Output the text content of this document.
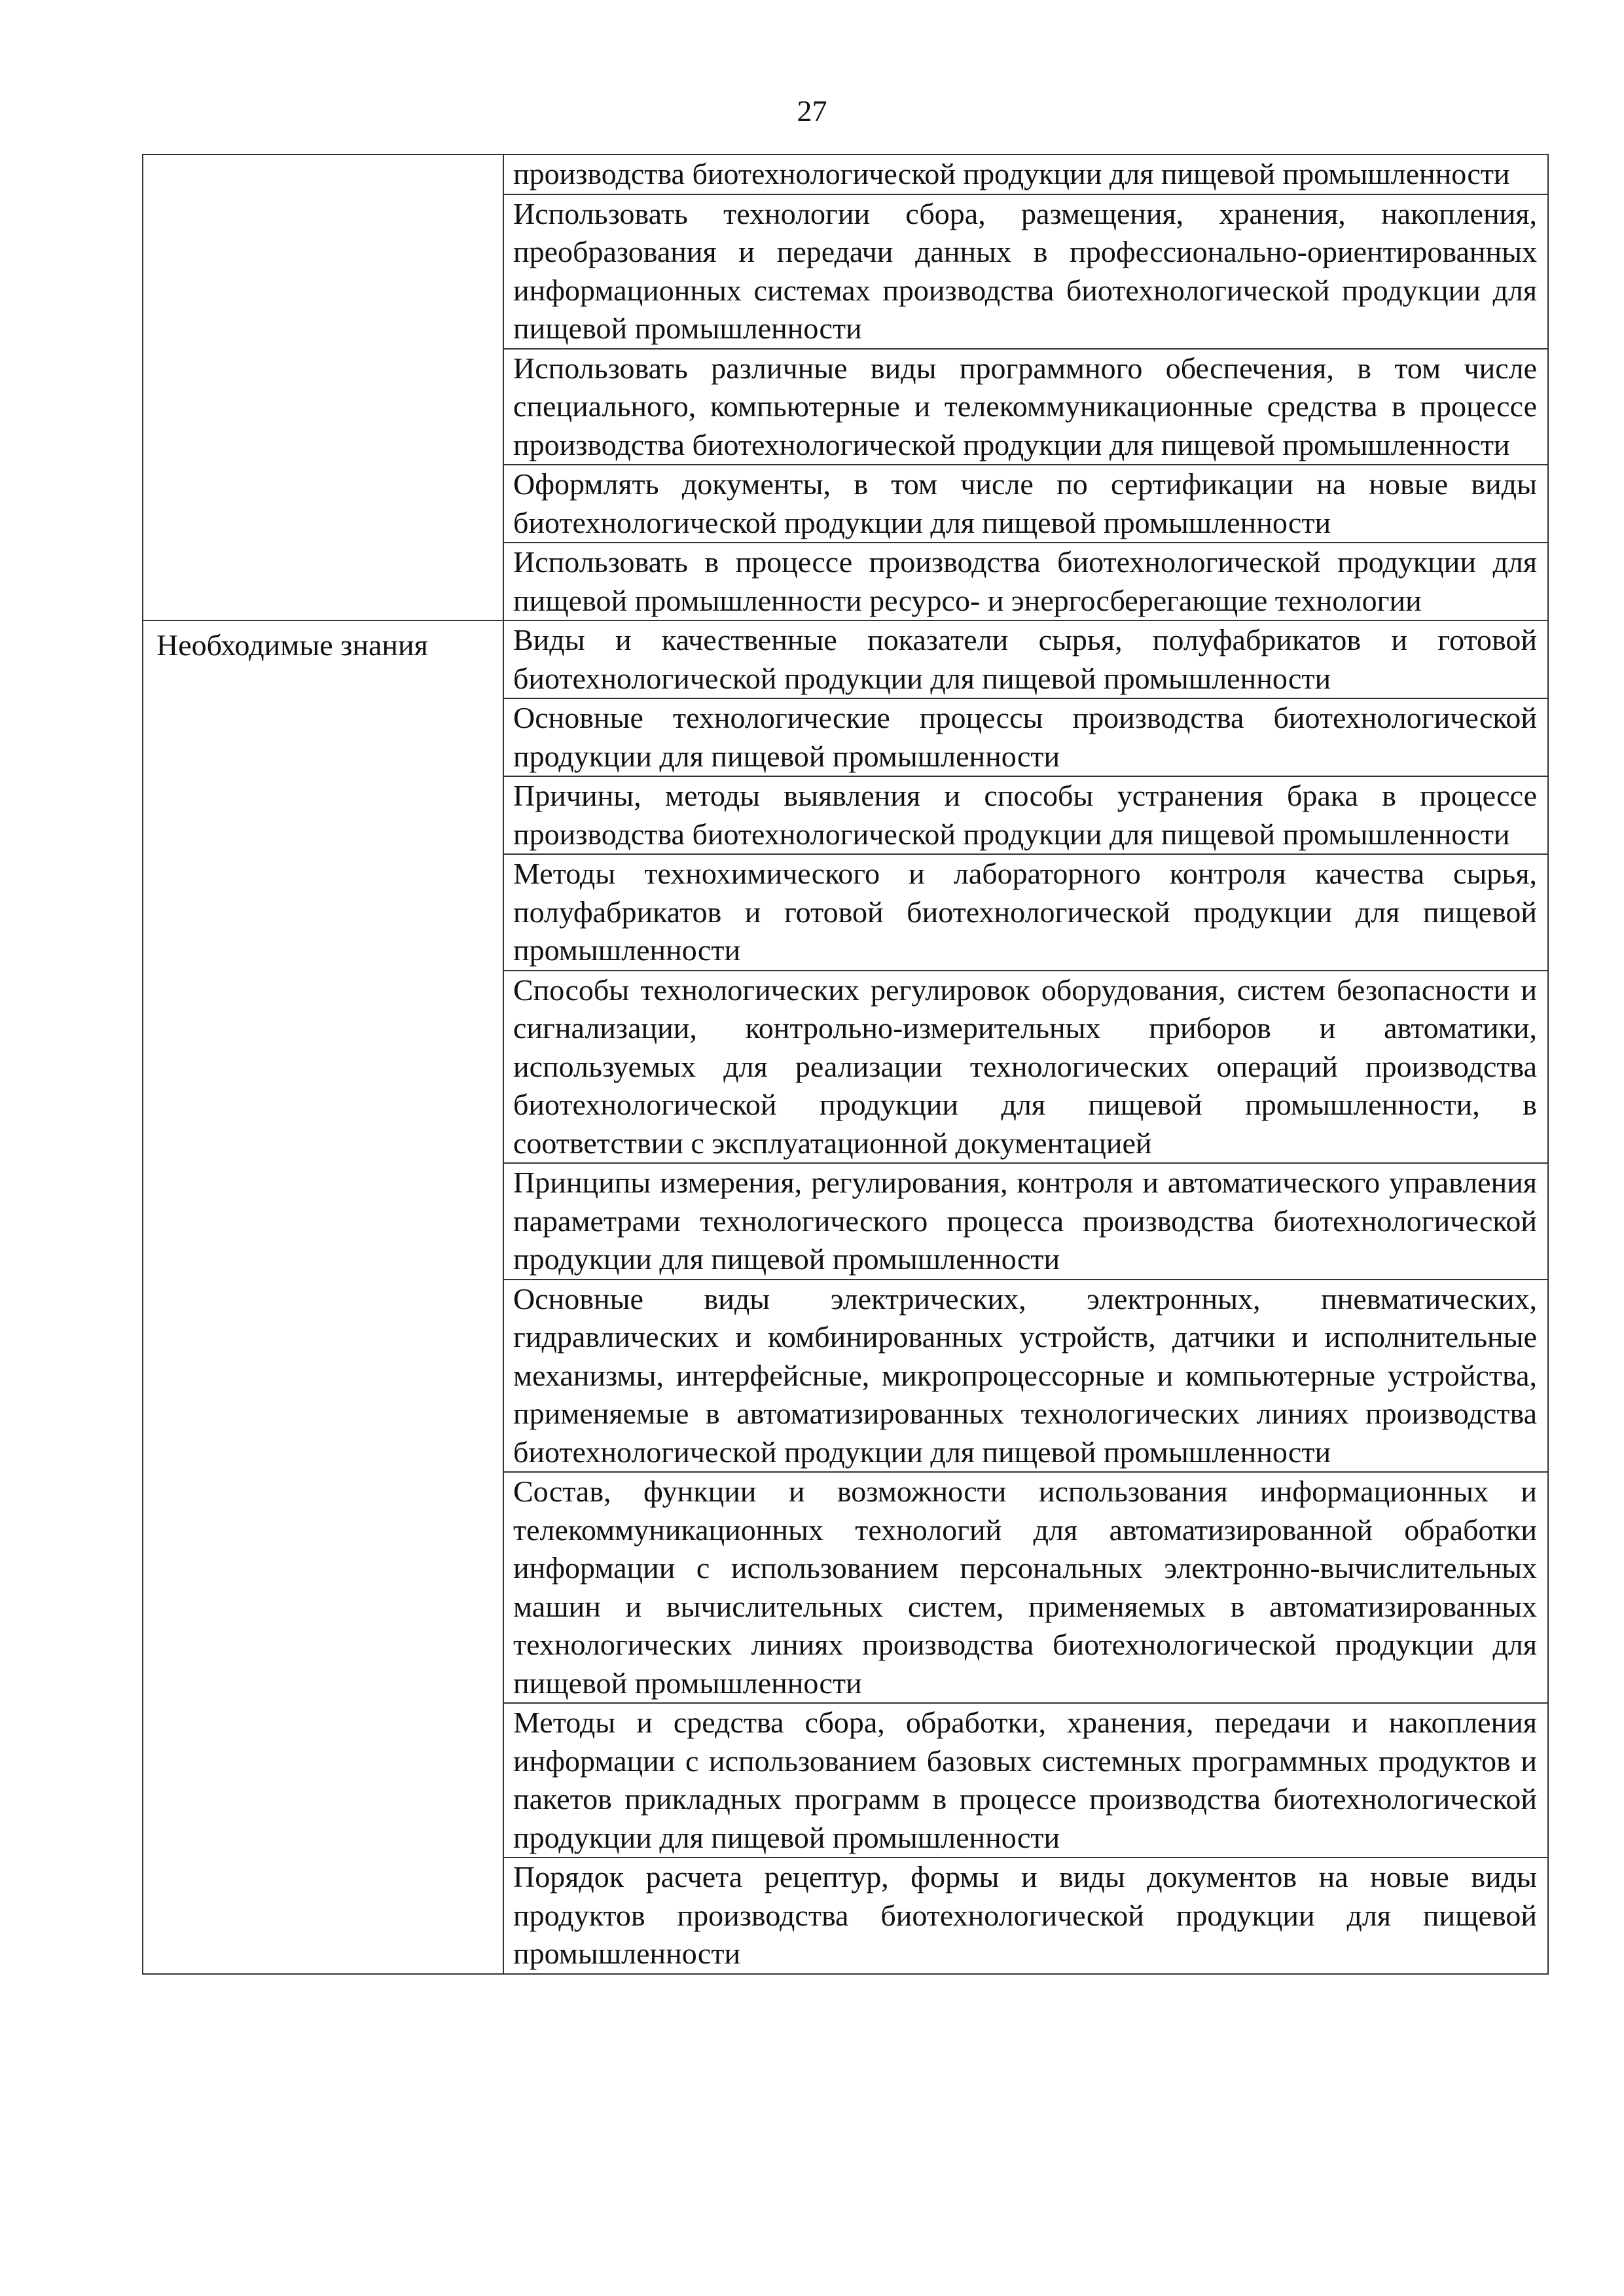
27
	производства биотехнологической продукции для пищевой промышленности
	Использовать технологии сбора, размещения, хранения, накопления, преобразования и передачи данных в профессионально-ориентированных информационных системах производства биотехнологической продукции для пищевой промышленности
	Использовать различные виды программного обеспечения, в том числе специального, компьютерные и телекоммуникационные средства в процессе производства биотехнологической продукции для пищевой промышленности
	Оформлять документы, в том числе по сертификации на новые виды биотехнологической продукции для пищевой промышленности
	Использовать в процессе производства биотехнологической продукции для пищевой промышленности ресурсо- и энергосберегающие технологии
Необходимые знания	Виды и качественные показатели сырья, полуфабрикатов и готовой биотехнологической продукции для пищевой промышленности
	Основные технологические процессы производства биотехнологической продукции для пищевой промышленности
	Причины, методы выявления и способы устранения брака в процессе производства биотехнологической продукции для пищевой промышленности
	Методы технохимического и лабораторного контроля качества сырья, полуфабрикатов и готовой биотехнологической продукции для пищевой промышленности
	Способы технологических регулировок оборудования, систем безопасности и сигнализации, контрольно-измерительных приборов и автоматики, используемых для реализации технологических операций производства биотехнологической продукции для пищевой промышленности, в соответствии с эксплуатационной документацией
	Принципы измерения, регулирования, контроля и автоматического управления параметрами технологического процесса производства биотехнологической продукции для пищевой промышленности
	Основные виды электрических, электронных, пневматических, гидравлических и комбинированных устройств, датчики и исполнительные механизмы, интерфейсные, микропроцессорные и компьютерные устройства, применяемые в автоматизированных технологических линиях производства биотехнологической продукции для пищевой промышленности
	Состав, функции и возможности использования информационных и телекоммуникационных технологий для автоматизированной обработки информации с использованием персональных электронно-вычислительных машин и вычислительных систем, применяемых в автоматизированных технологических линиях производства биотехнологической продукции для пищевой промышленности
	Методы и средства сбора, обработки, хранения, передачи и накопления информации с использованием базовых системных программных продуктов и пакетов прикладных программ в процессе производства биотехнологической продукции для пищевой промышленности
	Порядок расчета рецептур, формы и виды документов на новые виды продуктов производства биотехнологической продукции для пищевой промышленности
